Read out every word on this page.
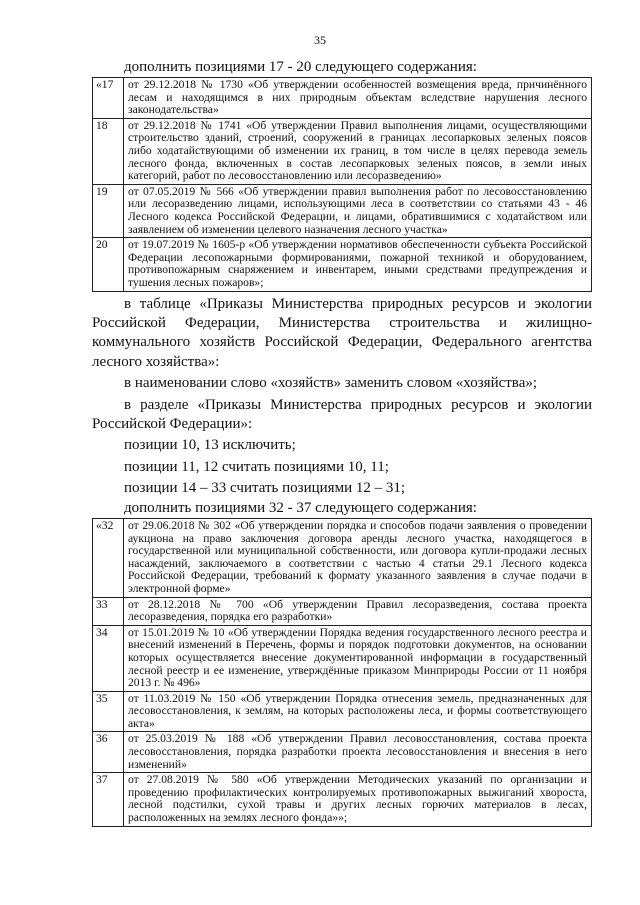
35
дополнить позициями 17 - 20 следующего содержания:
«17	от 29.12.2018 № 1730 «Об утверждении особенностей возмещения вреда, причинённого лесам и находящимся в них природным объектам вследствие нарушения лесного законодательства»
18	от 29.12.2018 № 1741 «Об утверждении Правил выполнения лицами, осуществляющими строительство зданий, строений, сооружений в границах лесопарковых зеленых поясов либо ходатайствующими об изменении их границ, в том числе в целях перевода земель лесного фонда, включенных в состав лесопарковых зеленых поясов, в земли иных категорий, работ по лесовосстановлению или лесоразведению»
19	от 07.05.2019 № 566 «Об утверждении правил выполнения работ по лесовосстановлению или лесоразведению лицами, использующими леса в соответствии со статьями 43 - 46 Лесного кодекса Российской Федерации, и лицами, обратившимися с ходатайством или заявлением об изменении целевого назначения лесного участка»
20	от 19.07.2019 № 1605-р «Об утверждении нормативов обеспеченности субъекта Российской Федерации лесопожарными формированиями, пожарной техникой и оборудованием, противопожарным снаряжением и инвентарем, иными средствами предупреждения и тушения лесных пожаров»;
в таблице «Приказы Министерства природных ресурсов и экологии Российской Федерации, Министерства строительства и жилищно-коммунального хозяйств Российской Федерации, Федерального агентства лесного хозяйства»:
в наименовании слово «хозяйств» заменить словом «хозяйства»;
в разделе «Приказы Министерства природных ресурсов и экологии Российской Федерации»:
позиции 10, 13 исключить;
позиции 11, 12 считать позициями 10, 11;
позиции 14 – 33 считать позициями 12 – 31;
дополнить позициями 32 - 37 следующего содержания:
«32	от 29.06.2018 № 302 «Об утверждении порядка и способов подачи заявления о проведении аукциона на право заключения договора аренды лесного участка, находящегося в государственной или муниципальной собственности, или договора купли-продажи лесных насаждений, заключаемого в соответствии с частью 4 статьи 29.1 Лесного кодекса Российской Федерации, требований к формату указанного заявления в случае подачи в электронной форме»
33	от 28.12.2018 № 700 «Об утверждении Правил лесоразведения, состава проекта лесоразведения, порядка его разработки»
34	от 15.01.2019 № 10 «Об утверждении Порядка ведения государственного лесного реестра и внесений изменений в Перечень, формы и порядок подготовки документов, на основании которых осуществляется внесение документированной информации в государственный лесной реестр и ее изменение, утверждённые приказом Минприроды России от 11 ноября 2013 г. № 496»
35	от 11.03.2019 № 150 «Об утверждении Порядка отнесения земель, предназначенных для лесовосстановления, к землям, на которых расположены леса, и формы соответствующего акта»
36	от 25.03.2019 № 188 «Об утверждении Правил лесовосстановления, состава проекта лесовосстановления, порядка разработки проекта лесовосстановления и внесения в него изменений»
37	от 27.08.2019 № 580 «Об утверждении Методических указаний по организации и проведению профилактических контролируемых противопожарных выжиганий хвороста, лесной подстилки, сухой травы и других лесных горючих материалов в лесах, расположенных на землях лесного фонда»»;
